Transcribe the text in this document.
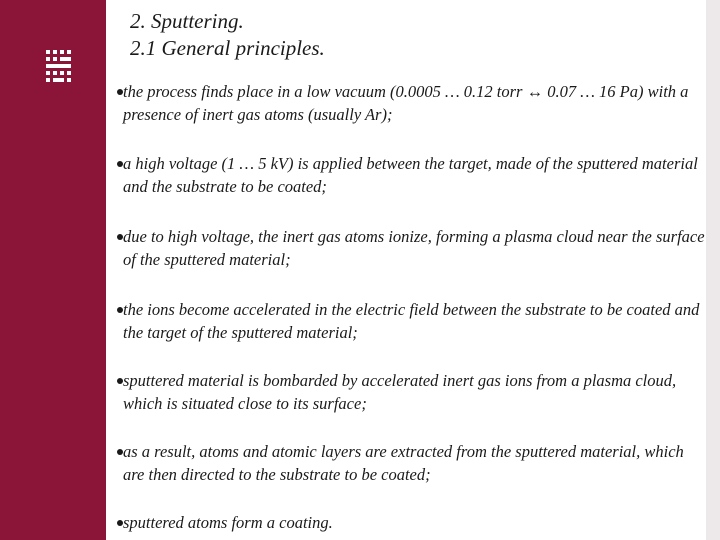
2. Sputtering.
2.1 General principles.
the process finds place in a low vacuum (0.0005 … 0.12 torr ↔ 0.07 … 16 Pa) with a presence of inert gas atoms (usually Ar);
a high voltage (1 … 5 kV) is applied between the target, made of the sputtered material and the substrate to be coated;
due to high voltage, the inert gas atoms ionize, forming a plasma cloud near the surface of the sputtered material;
the ions become accelerated in the electric field between the substrate to be coated and the target of the sputtered material;
sputtered material is bombarded by accelerated inert gas ions from a plasma cloud, which is situated close to its surface;
as a result, atoms and atomic layers are extracted from the sputtered material, which are then directed to the substrate to be coated;
sputtered atoms form a coating.
